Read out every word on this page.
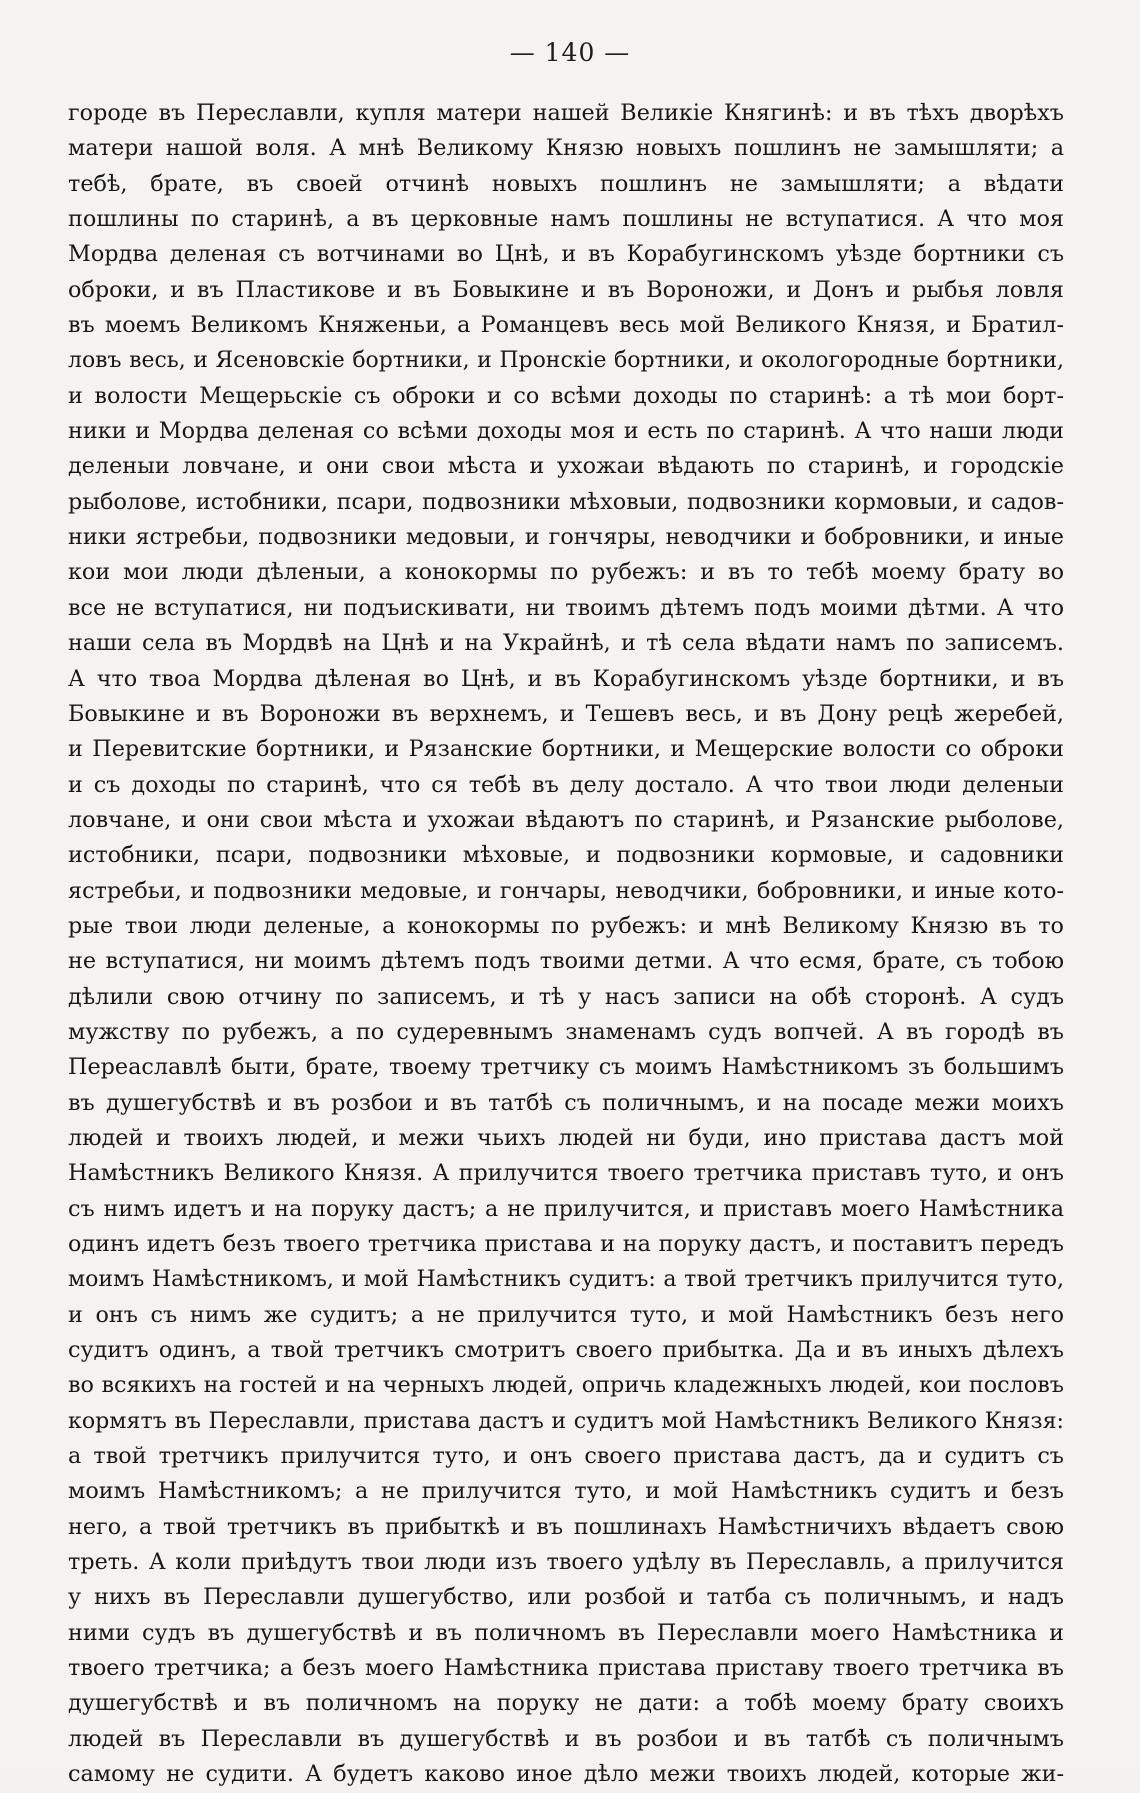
— 140 —
городе въ Переславли, купля матери нашей Великіе Княгинѣ: и въ тѣхъ дворѣхъ
матери нашой воля. А мнѣ Великому Князю новыхъ пошлинъ не замышляти; а
тебѣ, брате, въ своей отчинѣ новыхъ пошлинъ не замышляти; а вѣдати
пошлины по старинѣ, а въ церковные намъ пошлины не вступатися. А что моя
Мордва деленая съ вотчинами во Цнѣ, и въ Корабугинскомъ уѣзде бортники съ
оброки, и въ Пластикове и въ Бовыкине и въ Вороножи, и Донъ и рыбья ловля
въ моемъ Великомъ Княженьи, а Романцевъ весь мой Великого Князя, и Братил-
ловъ весь, и Ясеновскіе бортники, и Пронскіе бортники, и окологородные бортники,
и волости Мещерьскіе съ оброки и со всѣми доходы по старинѣ: а тѣ мои борт-
ники и Мордва деленая со всѣми доходы моя и есть по старинѣ. А что наши люди
деленыи ловчане, и они свои мѣста и ухожаи вѣдають по старинѣ, и городскіе
рыболове, истобники, псари, подвозники мѣховыи, подвозники кормовыи, и садов-
ники ястребьи, подвозники медовыи, и гончяры, неводчики и бобровники, и иные
кои мои люди дѣленыи, а конокормы по рубежъ: и въ то тебѣ моему брату во
все не вступатися, ни подъискивати, ни твоимъ дѣтемъ подъ моими дѣтми. А что
наши села въ Мордвѣ на Цнѣ и на Украйнѣ, и тѣ села вѣдати намъ по записемъ.
А что твоа Мордва дѣленая во Цнѣ, и въ Корабугинскомъ уѣзде бортники, и въ
Бовыкине и въ Вороножи въ верхнемъ, и Тешевъ весь, и въ Дону рецѣ жеребей,
и Перевитские бортники, и Рязанские бортники, и Мещерские волости со оброки
и съ доходы по старинѣ, что ся тебѣ въ делу достало. А что твои люди деленыи
ловчане, и они свои мѣста и ухожаи вѣдаютъ по старинѣ, и Рязанские рыболове,
истобники, псари, подвозники мѣховые, и подвозники кормовые, и садовники
ястребьи, и подвозники медовые, и гончары, неводчики, бобровники, и иные кото-
рые твои люди деленые, а конокормы по рубежъ: и мнѣ Великому Князю въ то
не вступатися, ни моимъ дѣтемъ подъ твоими детми. А что есмя, брате, съ тобою
дѣлили свою отчину по записемъ, и тѣ у насъ записи на обѣ сторонѣ. А судъ
мужству по рубежъ, а по судеревнымъ знаменамъ судъ вопчей. А въ городѣ въ
Переаславлѣ быти, брате, твоему третчику съ моимъ Намѣстникомъ зъ большимъ
въ душегубствѣ и въ розбои и въ татбѣ съ поличнымъ, и на посаде межи моихъ
людей и твоихъ людей, и межи чьихъ людей ни буди, ино пристава дастъ мой
Намѣстникъ Великого Князя. А прилучится твоего третчика приставъ туто, и онъ
съ нимъ идетъ и на поруку дастъ; а не прилучится, и приставъ моего Намѣстника
одинъ идетъ безъ твоего третчика пристава и на поруку дастъ, и поставитъ передъ
моимъ Намѣстникомъ, и мой Намѣстникъ судитъ: а твой третчикъ прилучится туто,
и онъ съ нимъ же судитъ; а не прилучится туто, и мой Намѣстникъ безъ него
судитъ одинъ, а твой третчикъ смотритъ своего прибытка. Да и въ иныхъ дѣлехъ
во всякихъ на гостей и на черныхъ людей, опричь кладежныхъ людей, кои пословъ
кормятъ въ Переславли, пристава дастъ и судитъ мой Намѣстникъ Великого Князя:
а твой третчикъ прилучится туто, и онъ своего пристава дастъ, да и судитъ съ
моимъ Намѣстникомъ; а не прилучится туто, и мой Намѣстникъ судитъ и безъ
него, а твой третчикъ въ прибыткѣ и въ пошлинахъ Намѣстничихъ вѣдаетъ свою
треть. А коли приѣдутъ твои люди изъ твоего удѣлу въ Переславль, а прилучится
у нихъ въ Переславли душегубство, или розбой и татба съ поличнымъ, и надъ
ними судъ въ душегубствѣ и въ поличномъ въ Переславли моего Намѣстника и
твоего третчика; а безъ моего Намѣстника пристава приставу твоего третчика въ
душегубствѣ и въ поличномъ на поруку не дати: а тобѣ моему брату своихъ
людей въ Переславли въ душегубствѣ и въ розбои и въ татбѣ съ поличнымъ
самому не судити. А будетъ каково иное дѣло межи твоихъ людей, которые жи-
